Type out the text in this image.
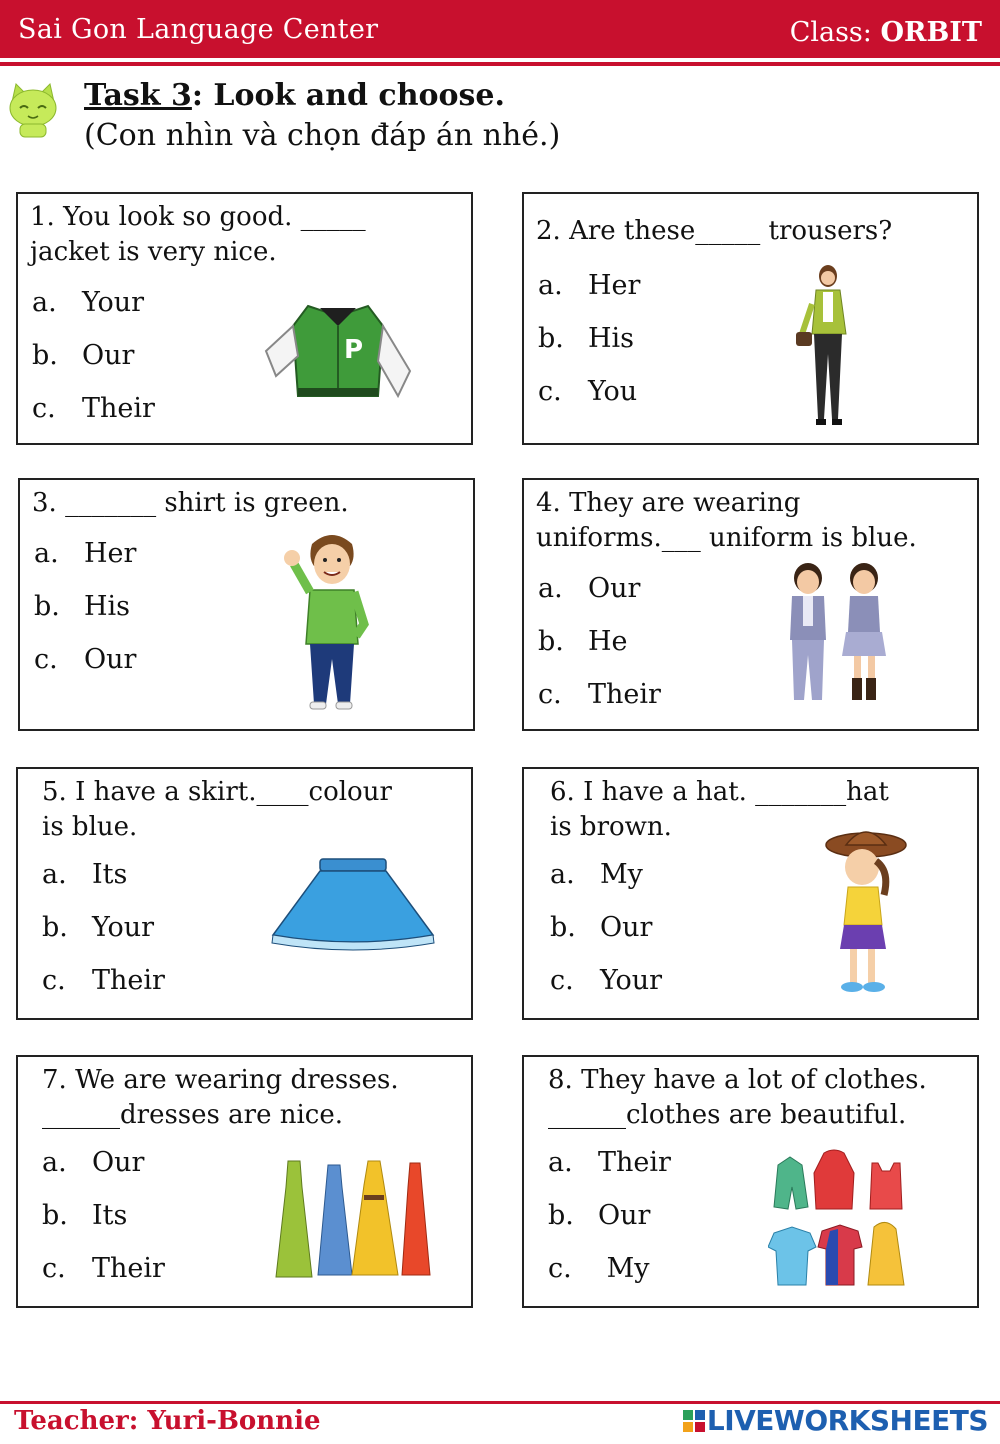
Sai Gon Language Center	Class: ORBIT
Task 3: Look and choose.
(Con nhìn và chọn đáp án nhé.)
1. You look so good. _____
jacket is very nice.
a. Your
b. Our
c. Their
P
2. Are these_____ trousers?
a. Her
b. His
c. You
3. _______ shirt is green.
a. Her
b. His
c. Our
4. They are wearing
uniforms.___ uniform is blue.
a. Our
b. He
c. Their
5. I have a skirt.____colour
is blue.
a. Its
b. Your
c. Their
6. I have a hat. _______hat
is brown.
a. My
b. Our
c. Your
7. We are wearing dresses.
______dresses are nice.
a. Our
b. Its
c. Their
8. They have a lot of clothes.
______clothes are beautiful.
a. Their
b. Our
c. My
Teacher: Yuri-Bonnie	LIVEWORKSHEETS
